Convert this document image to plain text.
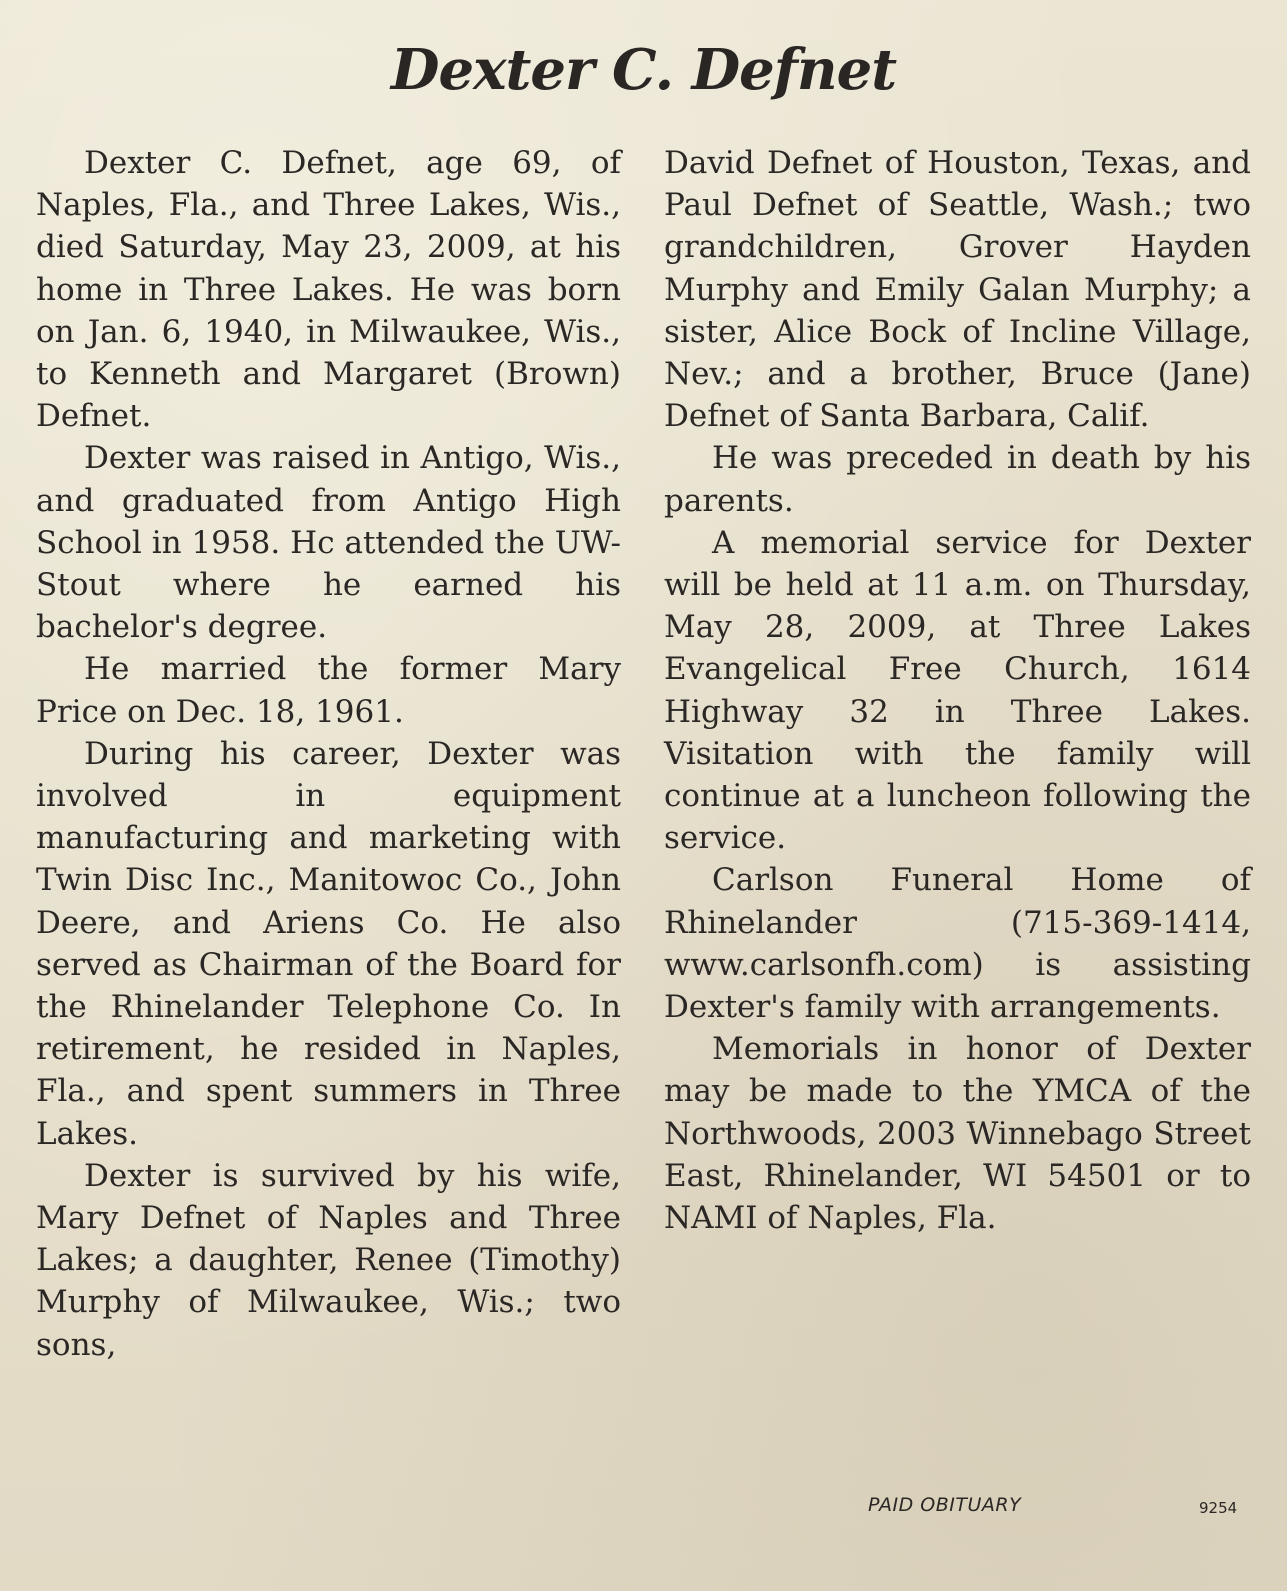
Dexter C. Defnet

Dexter C. Defnet, age 69, of Naples, Fla., and Three Lakes, Wis., died Saturday, May 23, 2009, at his home in Three Lakes. He was born on Jan. 6, 1940, in Milwaukee, Wis., to Kenneth and Margaret (Brown) Defnet.

Dexter was raised in Antigo, Wis., and graduated from Antigo High School in 1958. Hc attended the UW-Stout where he earned his bachelor's degree.

He married the former Mary Price on Dec. 18, 1961.

During his career, Dexter was involved in equipment manufacturing and marketing with Twin Disc Inc., Manitowoc Co., John Deere, and Ariens Co. He also served as Chairman of the Board for the Rhinelander Telephone Co. In retirement, he resided in Naples, Fla., and spent summers in Three Lakes.

Dexter is survived by his wife, Mary Defnet of Naples and Three Lakes; a daughter, Renee (Timothy) Murphy of Milwaukee, Wis.; two sons,

David Defnet of Houston, Texas, and Paul Defnet of Seattle, Wash.; two grandchildren, Grover Hayden Murphy and Emily Galan Murphy; a sister, Alice Bock of Incline Village, Nev.; and a brother, Bruce (Jane) Defnet of Santa Barbara, Calif.

He was preceded in death by his parents.

A memorial service for Dexter will be held at 11 a.m. on Thursday, May 28, 2009, at Three Lakes Evangelical Free Church, 1614 Highway 32 in Three Lakes. Visitation with the family will continue at a luncheon following the service.

Carlson Funeral Home of Rhinelander (715-369-1414, www.carlsonfh.com) is assisting Dexter's family with arrangements.

Memorials in honor of Dexter may be made to the YMCA of the Northwoods, 2003 Winnebago Street East, Rhinelander, WI 54501 or to NAMI of Naples, Fla.

PAID OBITUARY	9254
